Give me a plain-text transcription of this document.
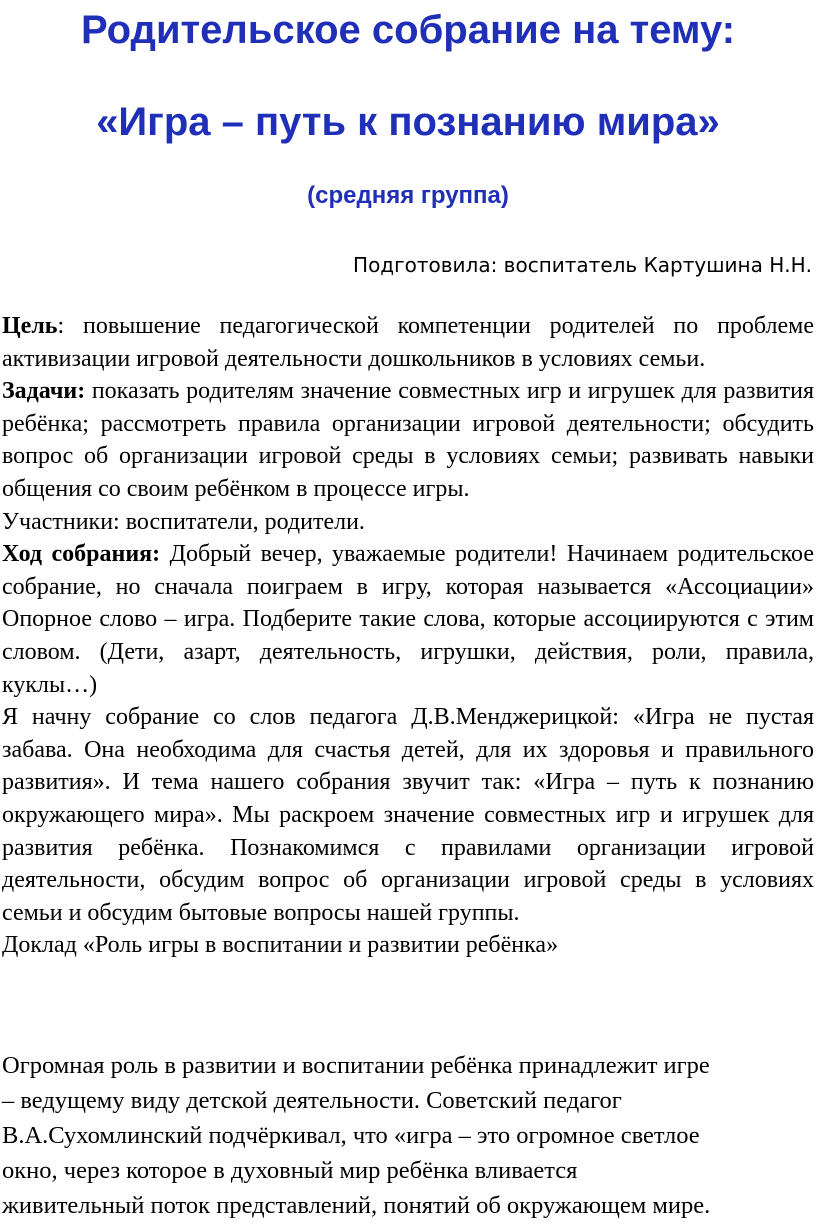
Родительское собрание на тему:
«Игра – путь к познанию мира»
(средняя группа)

Подготовила: воспитатель Картушина Н.Н.

Цель: повышение педагогической компетенции родителей по проблеме активизации игровой деятельности дошкольников в условиях семьи.

Задачи: показать родителям значение совместных игр и игрушек для развития ребёнка; рассмотреть правила организации игровой деятельности; обсудить вопрос об организации игровой среды в условиях семьи; развивать навыки общения со своим ребёнком в процессе игры.

Участники: воспитатели, родители.

Ход собрания: Добрый вечер, уважаемые родители! Начинаем родительское собрание, но сначала поиграем в игру, которая называется «Ассоциации» Опорное слово – игра. Подберите такие слова, которые ассоциируются с этим словом. (Дети, азарт, деятельность, игрушки, действия, роли, правила, куклы…)

Я начну собрание со слов педагога Д.В.Менджерицкой: «Игра не пустая забава. Она необходима для счастья детей, для их здоровья и правильного развития». И тема нашего собрания звучит так: «Игра – путь к познанию окружающего мира». Мы раскроем значение совместных игр и игрушек для развития ребёнка. Познакомимся с правилами организации игровой деятельности, обсудим вопрос об организации игровой среды в условиях семьи и обсудим бытовые вопросы нашей группы.

Доклад «Роль игры в воспитании и развитии ребёнка»

Огромная роль в развитии и воспитании ребёнка принадлежит игре
– ведущему виду детской деятельности. Советский педагог
В.А.Сухомлинский подчёркивал, что «игра – это огромное светлое
окно, через которое в духовный мир ребёнка вливается
живительный поток представлений, понятий об окружающем мире.
